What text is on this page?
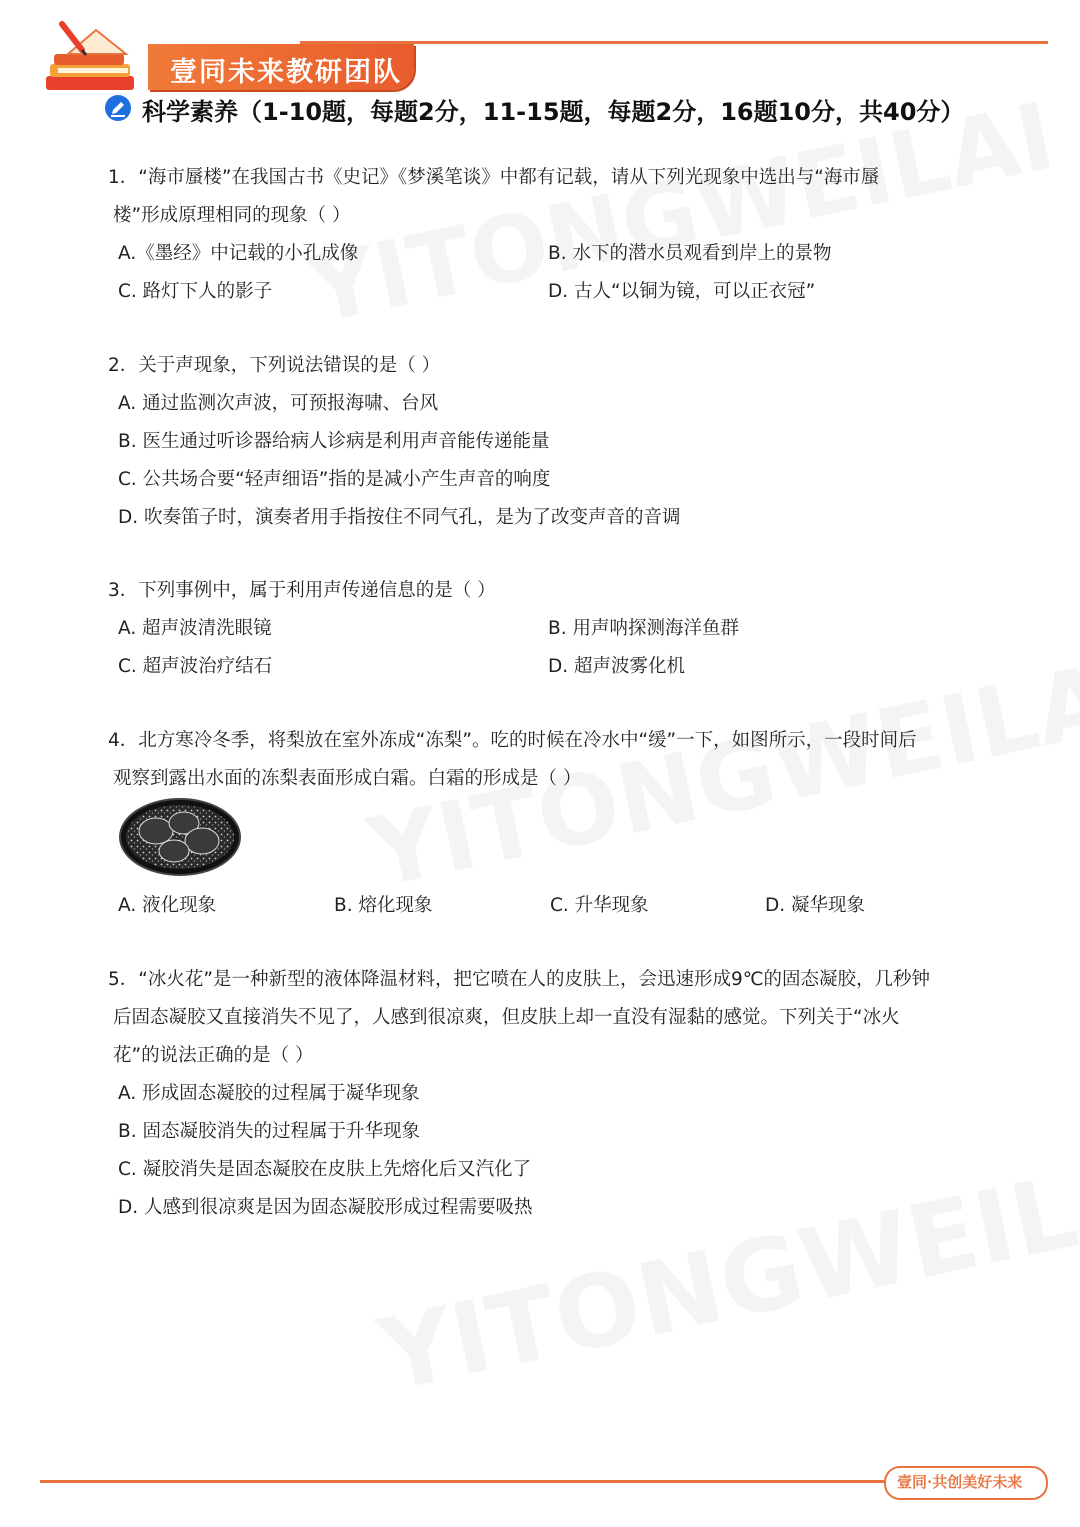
壹同未来教研团队
科学素养（1-10题，每题2分，11-15题，每题2分，16题10分，共40分）
1．“海市蜃楼”在我国古书《史记》《梦溪笔谈》中都有记载，请从下列光现象中选出与“海市蜃
楼”形成原理相同的现象（ ）
A.《墨经》中记载的小孔成像	B. 水下的潜水员观看到岸上的景物
C. 路灯下人的影子	D. 古人“以铜为镜，可以正衣冠”
2．关于声现象，下列说法错误的是（ ）
A. 通过监测次声波，可预报海啸、台风
B. 医生通过听诊器给病人诊病是利用声音能传递能量
C. 公共场合要“轻声细语”指的是减小产生声音的响度
D. 吹奏笛子时，演奏者用手指按住不同气孔，是为了改变声音的音调
3．下列事例中，属于利用声传递信息的是（ ）
A. 超声波清洗眼镜	B. 用声呐探测海洋鱼群
C. 超声波治疗结石	D. 超声波雾化机
4．北方寒冷冬季，将梨放在室外冻成“冻梨”。吃的时候在冷水中“缓”一下，如图所示，一段时间后
观察到露出水面的冻梨表面形成白霜。白霜的形成是（ ）
A. 液化现象	B. 熔化现象	C. 升华现象	D. 凝华现象
5．“冰火花”是一种新型的液体降温材料，把它喷在人的皮肤上，会迅速形成9℃的固态凝胶，几秒钟
后固态凝胶又直接消失不见了，人感到很凉爽，但皮肤上却一直没有湿黏的感觉。下列关于“冰火
花”的说法正确的是（ ）
A. 形成固态凝胶的过程属于凝华现象
B. 固态凝胶消失的过程属于升华现象
C. 凝胶消失是固态凝胶在皮肤上先熔化后又汽化了
D. 人感到很凉爽是因为固态凝胶形成过程需要吸热
壹同·共创美好未来
